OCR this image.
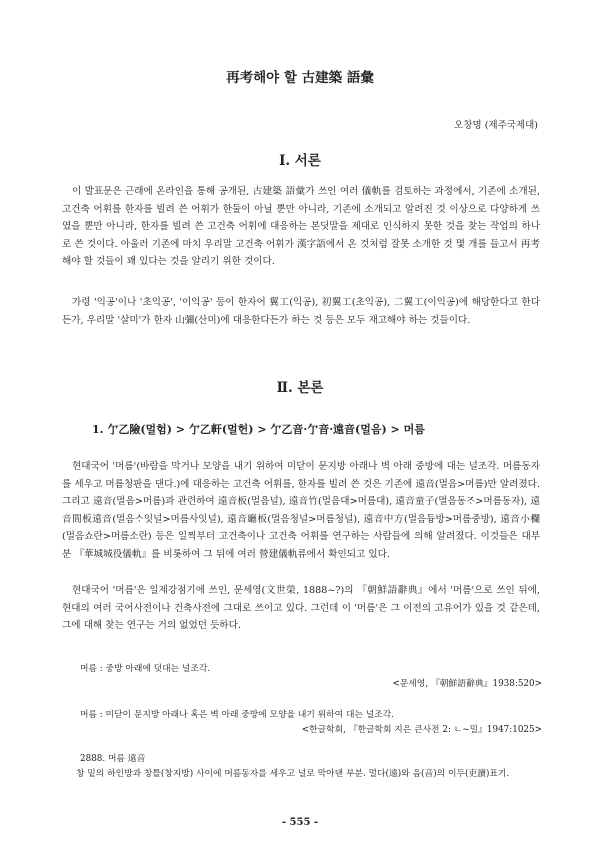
再考해야 할 古建築 語彙
오창명 (제주국제대)
Ⅰ. 서론

이 발표문은 근래에 온라인을 통해 공개된, 古建築 語彙가 쓰인 여러 儀軌를 검토하는 과정에서, 기존에 소개된, 고건축 어휘를 한자를 빌려 쓴 어휘가 한둘이 아닐 뿐만 아니라, 기존에 소개되고 알려진 것 이상으로 다양하게 쓰였을 뿐만 아니라, 한자를 빌려 쓴 고건축 어휘에 대응하는 본딧말을 제대로 인식하지 못한 것을 찾는 작업의 하나로 쓴 것이다. 아울러 기존에 마치 우리말 고건축 어휘가 漢字語에서 온 것처럼 잘못 소개한 것 몇 개를 들고서 再考해야 할 것들이 꽤 있다는 것을 알리기 위한 것이다.

가령 '익공'이나 '초익공', '이익공' 등이 한자어 翼工(익공), 初翼工(초익공), 二翼工(이익공)에 해당한다고 한다든가, 우리말 '살미'가 한자 山彌(산미)에 대응한다든가 하는 것 등은 모두 재고해야 하는 것들이다.

Ⅱ. 본론
1. 亇乙險(멀험) > 亇乙軒(멀헌) > 亇乙音·亇音·遠音(멀음) > 머름

현대국어 '머름'(바람을 막거나 모양을 내기 위하여 미닫이 문지방 아래나 벽 아래 중방에 대는 널조각. 머름동자를 세우고 머름청판을 댄다.)에 대응하는 고건축 어휘를, 한자를 빌려 쓴 것은 기존에 遠音(멀음>머름)만 알려졌다. 그리고 遠音(멀음>머름)과 관련하여 遠音板(멀음널), 遠音竹(멀음대>머름대), 遠音童子(멀음동ᄌᆞ>머름동자), 遠音間板遠音(멀음ᄉᆞ잇널>머름사잇널), 遠音廳板(멀음청널>머름청널), 遠音中方(멀음듕방>머름중방), 遠音小欄(멀음쇼란>머름소란) 등은 일찍부터 고건축이나 고건축 어휘를 연구하는 사람들에 의해 알려졌다. 이것들은 대부분 『華城城役儀軌』를 비롯하여 그 뒤에 여러 營建儀軌류에서 확인되고 있다.

현대국어 '머름'은 일제강점기에 쓰인, 문세영(文世榮, 1888~?)의 『朝鮮語辭典』에서 '머름'으로 쓰인 뒤에, 현대의 여러 국어사전이나 건축사전에 그대로 쓰이고 있다. 그런데 이 '머름'은 그 이전의 고유어가 있을 것 같은데, 그에 대해 찾는 연구는 거의 없었던 듯하다.

머름 : 중방 아래에 덧대는 널조각.
<문세영, 『朝鮮語辭典』1938:520>
머름 : 미닫이 문지방 아래나 혹은 벽 아래 중방에 모양을 내기 위하여 대는 널조각.
<한글학회, 『한글학회 지은 큰사전 2: ㄴ~밀』1947:1025>
2888. 머름 遠音
창 밑의 하인방과 창틀(창지방) 사이에 머름동자를 세우고 널로 막아댄 부분. 멀다(遠)와 음(音)의 이두(吏讀)표기.
- 555 -
